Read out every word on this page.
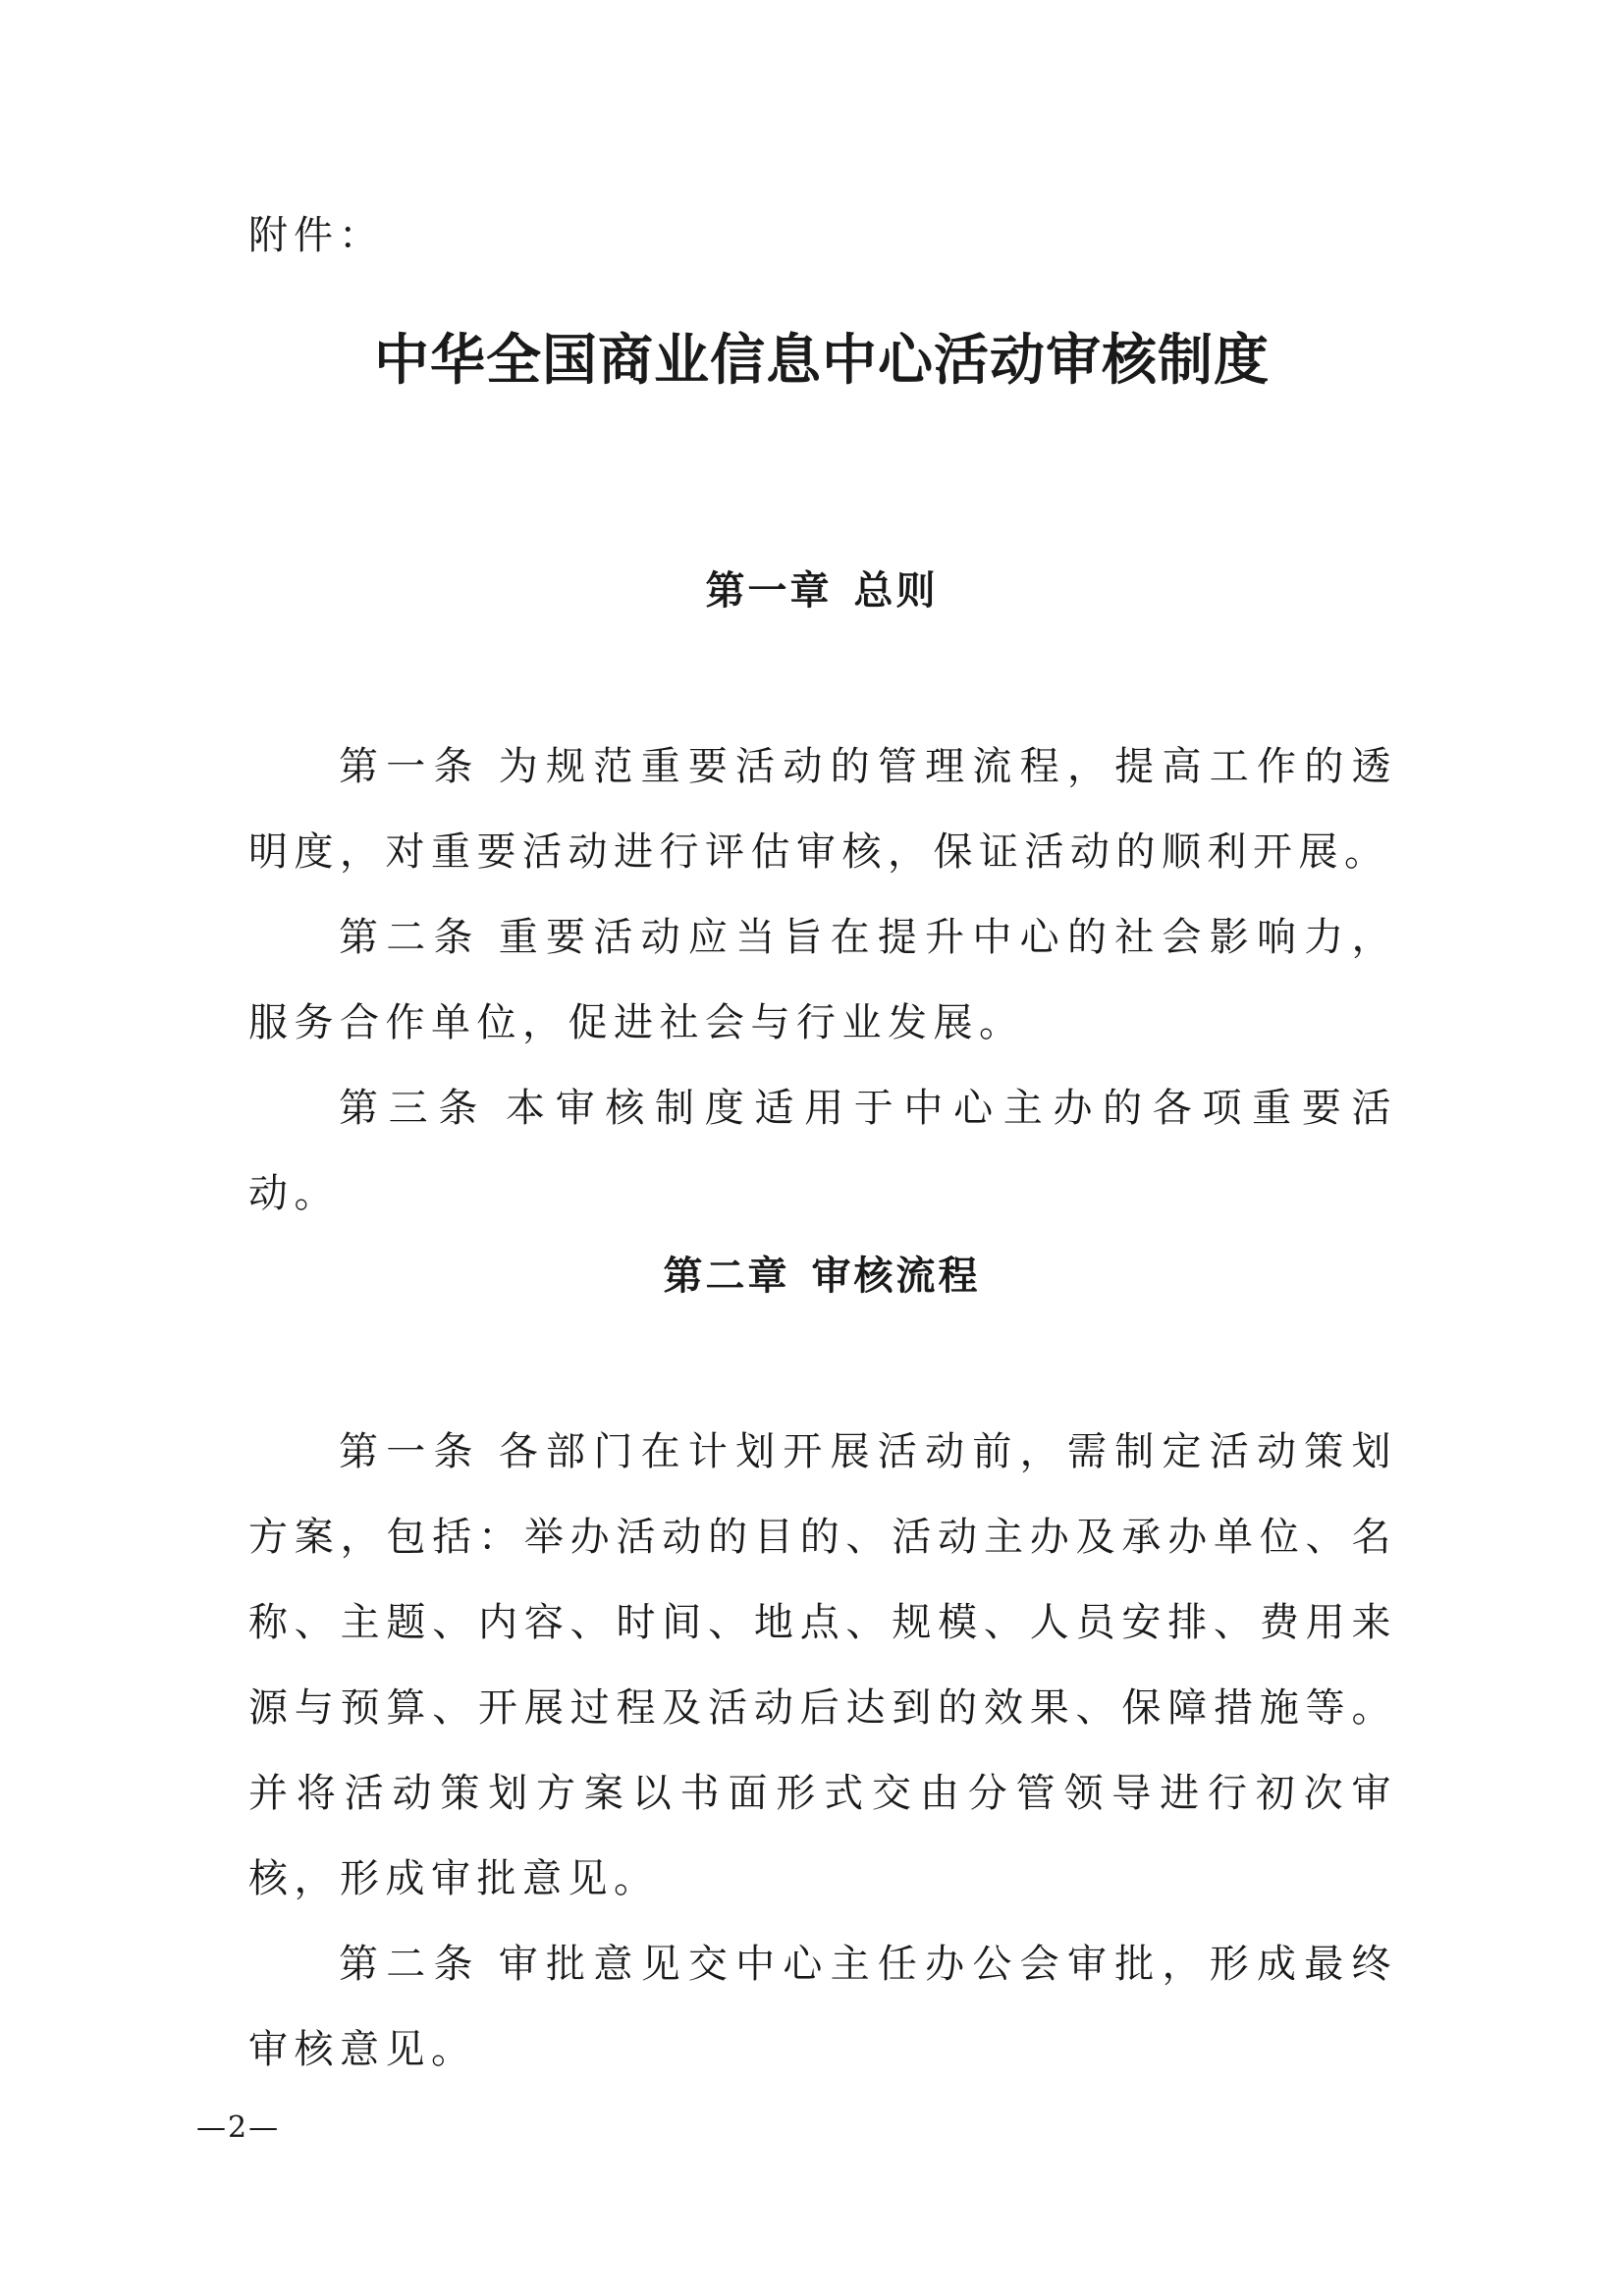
附件：
中华全国商业信息中心活动审核制度
第一章 总则

第一条 为规范重要活动的管理流程，提高工作的透明度，对重要活动进行评估审核，保证活动的顺利开展。

第二条 重要活动应当旨在提升中心的社会影响力，服务合作单位，促进社会与行业发展。

第三条 本审核制度适用于中心主办的各项重要活动。

第二章 审核流程

第一条 各部门在计划开展活动前，需制定活动策划方案，包括：举办活动的目的、活动主办及承办单位、名称、主题、内容、时间、地点、规模、人员安排、费用来源与预算、开展过程及活动后达到的效果、保障措施等。并将活动策划方案以书面形式交由分管领导进行初次审核，形成审批意见。

第二条 审批意见交中心主任办公会审批，形成最终审核意见。

—2—
